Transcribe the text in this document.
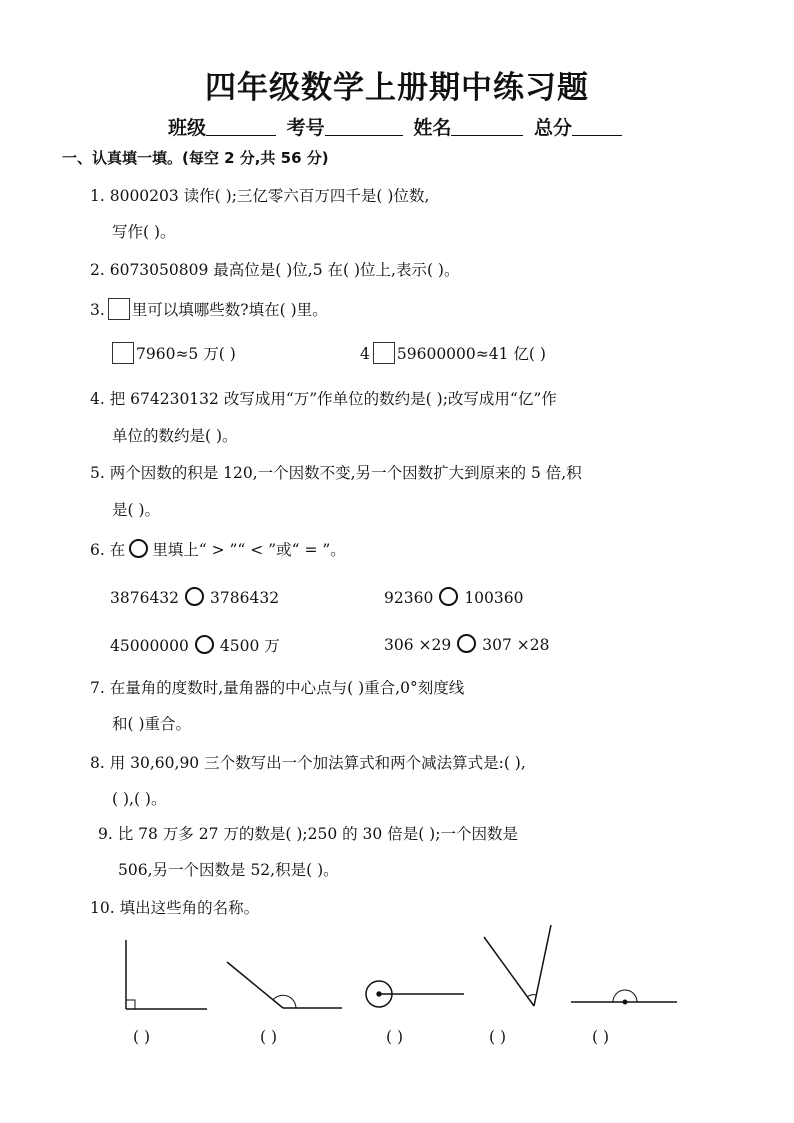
四年级数学上册期中练习题
班级	考号	姓名	总分
一、认真填一填。(每空 2 分,共 56 分)
1. 8000203 读作( );三亿零六百万四千是( )位数,
写作( )。
2. 6073050809 最高位是( )位,5 在( )位上,表示( )。
3. 里可以填哪些数?填在( )里。
7960≈5 万( )	4 59600000≈41 亿( )
4. 把 674230132 改写成用“万”作单位的数约是( );改写成用“亿”作
单位的数约是( )。
5. 两个因数的积是 120,一个因数不变,另一个因数扩大到原来的 5 倍,积
是( )。
6. 在 里填上“ > ”“ < ”或“ = ”。
3876432 3786432	92360 100360
45000000 4500 万	306 ×29 307 ×28
7. 在量角的度数时,量角器的中心点与( )重合,0°刻度线
和( )重合。
8. 用 30,60,90 三个数写出一个加法算式和两个减法算式是:( ),
( ),( )。
9. 比 78 万多 27 万的数是( );250 的 30 倍是( );一个因数是
506,另一个因数是 52,积是( )。
10. 填出这些角的名称。
( )	( )	( )	( )	( )
